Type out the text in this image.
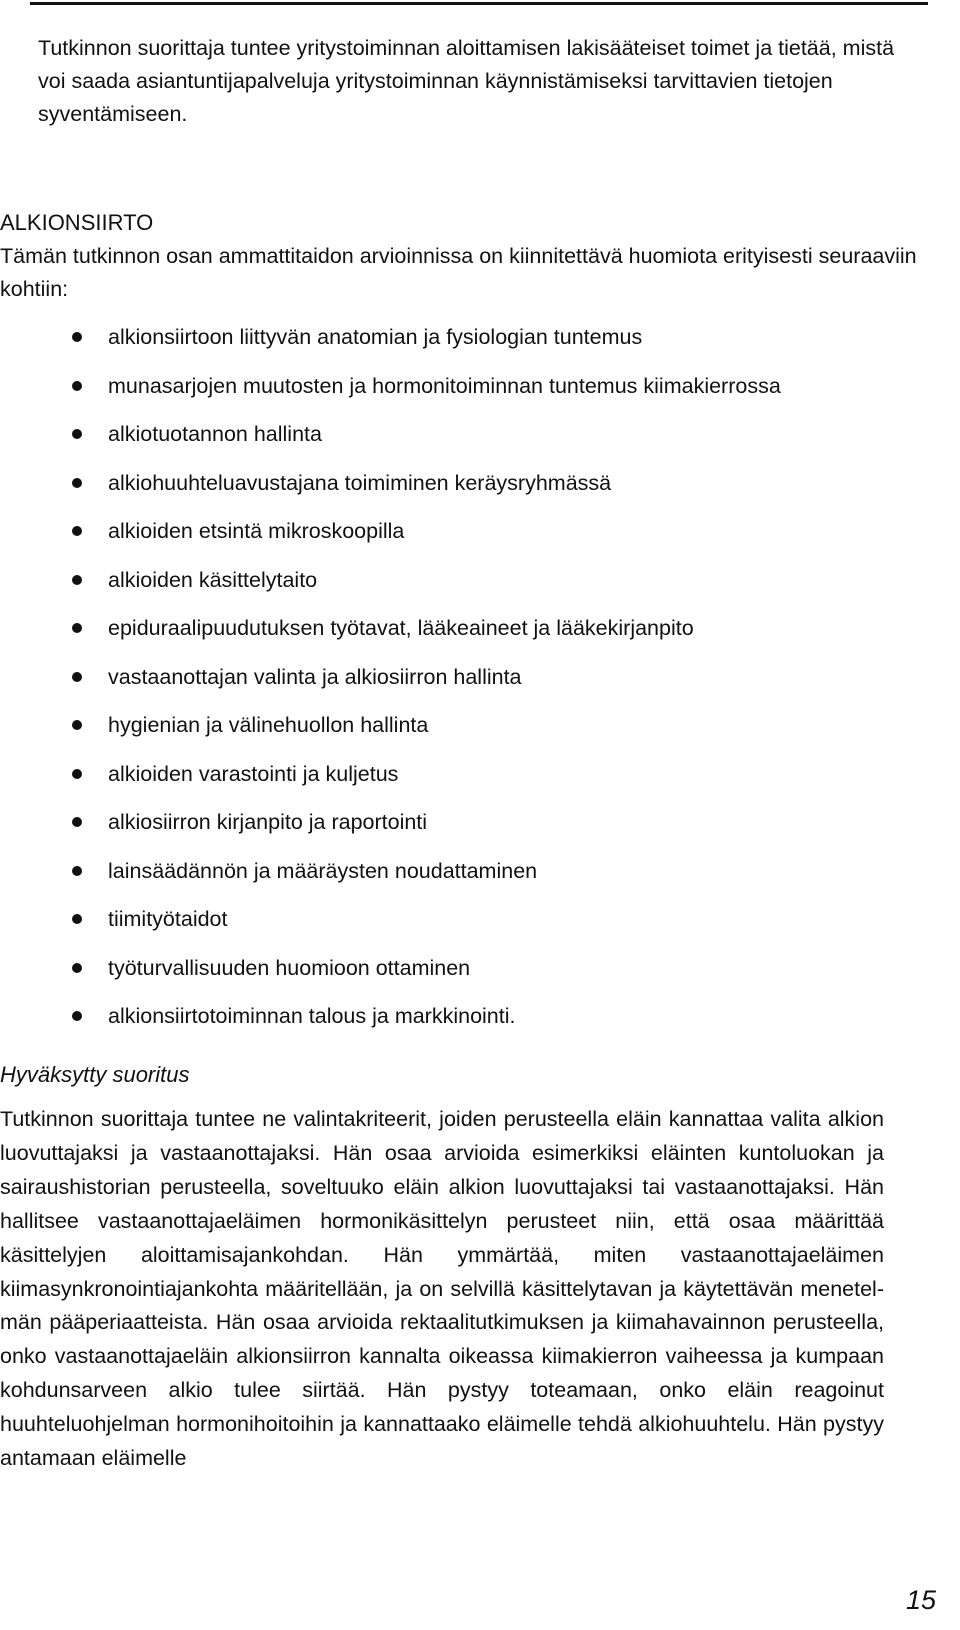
Tutkinnon suorittaja tuntee yritystoiminnan aloittamisen lakisääteiset toimet ja tietää, mistä voi saada asiantuntijapalveluja yritystoiminnan käynnistämiseksi tarvittavien tietojen syventämiseen.

ALKIONSIIRTO

Tämän tutkinnon osan ammattitaidon arvioinnissa on kiinnitettävä huomiota erityisesti seuraaviin kohtiin:

alkionsiirtoon liittyvän anatomian ja fysiologian tuntemus
munasarjojen muutosten ja hormonitoiminnan tuntemus kiimakierrossa
alkiotuotannon hallinta
alkiohuuhteluavustajana toimiminen keräysryhmässä
alkioiden etsintä mikroskoopilla
alkioiden käsittelytaito
epiduraalipuudutuksen työtavat, lääkeaineet ja lääkekirjanpito
vastaanottajan valinta ja alkiosiirron hallinta
hygienian ja välinehuollon hallinta
alkioiden varastointi ja kuljetus
alkiosiirron kirjanpito ja raportointi
lainsäädännön ja määräysten noudattaminen
tiimityötaidot
työturvallisuuden huomioon ottaminen
alkionsiirtotoiminnan talous ja markkinointi.
Hyväksytty suoritus

Tutkinnon suorittaja tuntee ne valintakriteerit, joiden perusteella eläin kannattaa valita alkion luovuttajaksi ja vastaanottajaksi. Hän osaa arvioida esimerkiksi eläinten kuntoluokan ja sairaushistorian perusteella, soveltuuko eläin alkion luovuttajaksi tai vastaanottajaksi. Hän hallitsee vastaanottajaeläimen hormonikäsittelyn perusteet niin, että osaa määrittää käsittelyjen aloittamisajankohdan. Hän ymmärtää, miten vastaanottajaeläimen kiimasynkronointiajankohta määritellään, ja on selvillä käsittelytavan ja käytettävän menetelmän pääperiaatteista. Hän osaa arvioida rektaalitutkimuksen ja kiimahavainnon perusteella, onko vastaanottajaeläin alkionsiirron kannalta oikeassa kiimakierron vaiheessa ja kumpaan kohdunsarveen alkio tulee siirtää. Hän pystyy toteamaan, onko eläin reagoinut huuhteluohjelman hormonihoitoihin ja kannattaako eläimelle tehdä alkiohuuhtelu. Hän pystyy antamaan eläimelle

15
